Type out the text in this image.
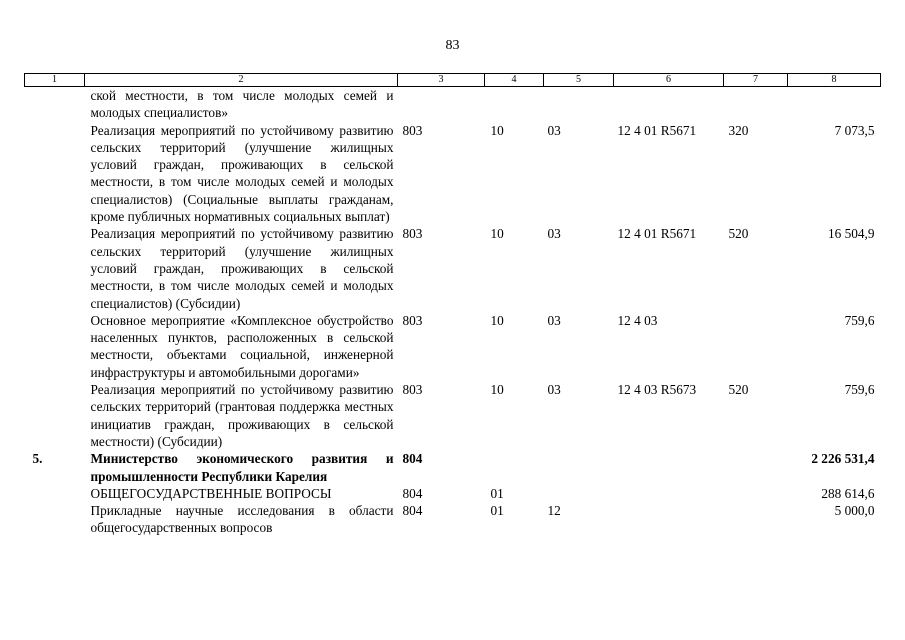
83
1	2	3	4	5	6	7	8
	ской местности, в том числе молодых семей и молодых специалистов»						
	Реализация мероприятий по устойчивому развитию сельских территорий (улучшение жилищных условий граждан, проживающих в сельской местности, в том числе молодых семей и молодых специалистов) (Социальные выплаты гражданам, кроме публичных нормативных социальных выплат)	803	10	03	12 4 01 R5671	320	7 073,5
	Реализация мероприятий по устойчивому развитию сельских территорий (улучшение жилищных условий граждан, проживающих в сельской местности, в том числе молодых семей и молодых специалистов) (Субсидии)	803	10	03	12 4 01 R5671	520	16 504,9
	Основное мероприятие «Комплексное обустройство населенных пунктов, расположенных в сельской местности, объектами социальной, инженерной инфраструктуры и автомобильными дорогами»	803	10	03	12 4 03		759,6
	Реализация мероприятий по устойчивому развитию сельских территорий (грантовая поддержка местных инициатив граждан, проживающих в сельской местности) (Субсидии)	803	10	03	12 4 03 R5673	520	759,6
5.	Министерство экономического развития и промышленности Республики Карелия	804					2 226 531,4
	ОБЩЕГОСУДАРСТВЕННЫЕ ВОПРОСЫ	804	01				288 614,6
	Прикладные научные исследования в области общегосударственных вопросов	804	01	12			5 000,0
